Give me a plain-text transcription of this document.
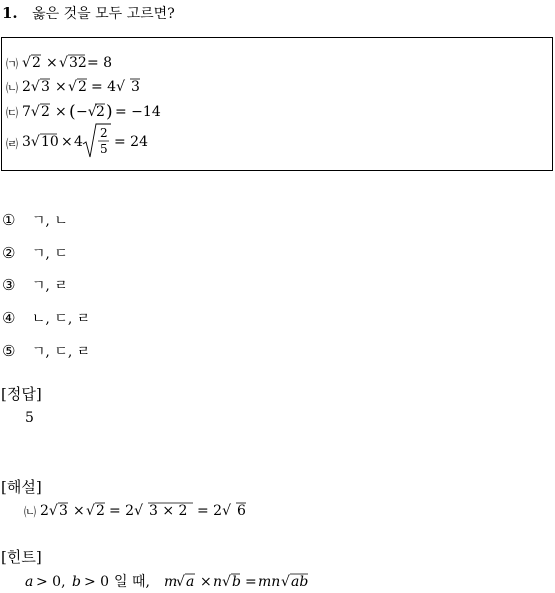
1. 옳은 것을 모두 고르면?
㈀ √ 2 × √ 32 = 8
㈁ 2√ 3 × √ 2 = 4√ 3
㈂ 7√ 2 × ( −√ 2 ) = −14
㈃ 3√ 10 × 4
2
5 = 24
① ㄱ, ㄴ
② ㄱ, ㄷ
③ ㄱ, ㄹ
④ ㄴ, ㄷ, ㄹ
⑤ ㄱ, ㄷ, ㄹ
[정답]
5
[해설]
㈁ 2√ 3 × √ 2 = 2√ 3 × 2 = 2√ 6
[힌트]
a > 0, b > 0 일 때, m
√ a × n √ b = mn √ ab
